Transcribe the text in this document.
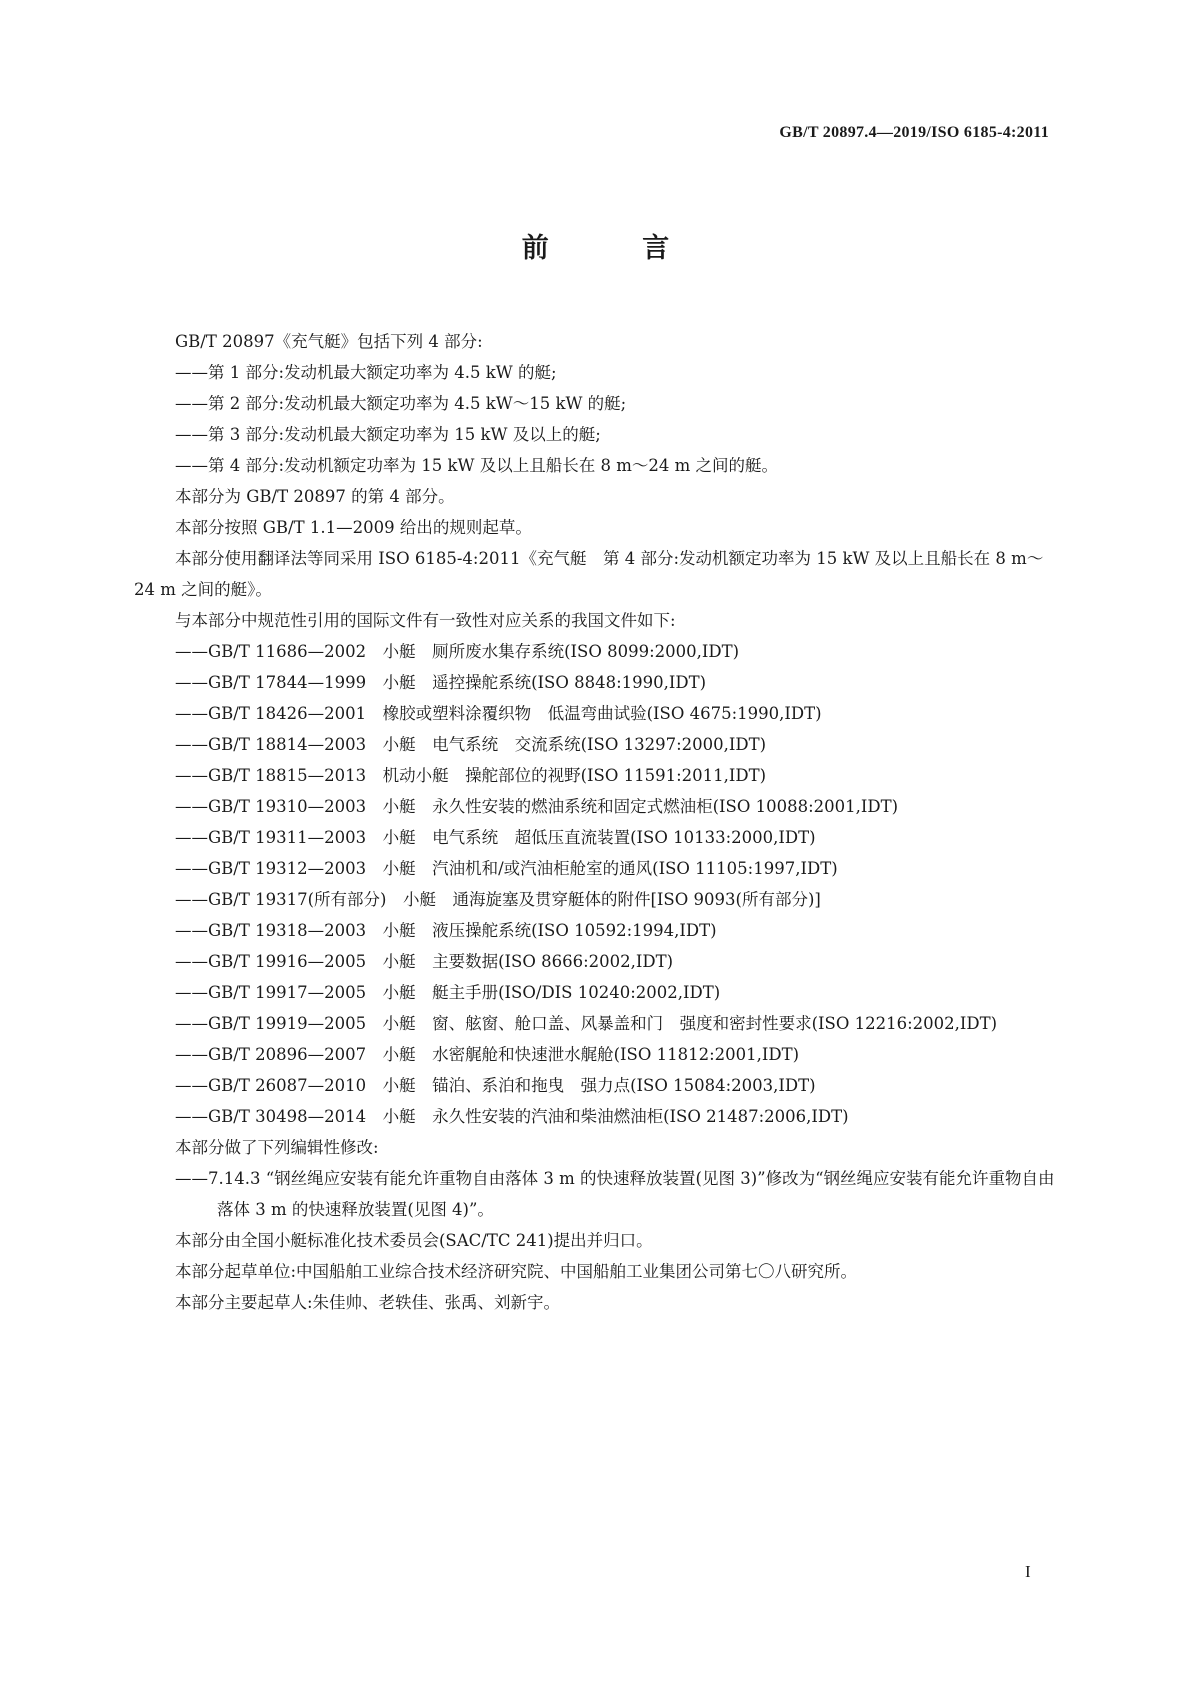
GB/T 20897.4—2019/ISO 6185-4:2011
前 言

GB/T 20897《充气艇》包括下列 4 部分:

——第 1 部分:发动机最大额定功率为 4.5 kW 的艇;

——第 2 部分:发动机最大额定功率为 4.5 kW～15 kW 的艇;

——第 3 部分:发动机最大额定功率为 15 kW 及以上的艇;

——第 4 部分:发动机额定功率为 15 kW 及以上且船长在 8 m～24 m 之间的艇。

本部分为 GB/T 20897 的第 4 部分。

本部分按照 GB/T 1.1—2009 给出的规则起草。

本部分使用翻译法等同采用 ISO 6185-4:2011《充气艇　第 4 部分:发动机额定功率为 15 kW 及以上且船长在 8 m～24 m 之间的艇》。

与本部分中规范性引用的国际文件有一致性对应关系的我国文件如下:

——GB/T 11686—2002　小艇　厕所废水集存系统(ISO 8099:2000,IDT)

——GB/T 17844—1999　小艇　遥控操舵系统(ISO 8848:1990,IDT)

——GB/T 18426—2001　橡胶或塑料涂覆织物　低温弯曲试验(ISO 4675:1990,IDT)

——GB/T 18814—2003　小艇　电气系统　交流系统(ISO 13297:2000,IDT)

——GB/T 18815—2013　机动小艇　操舵部位的视野(ISO 11591:2011,IDT)

——GB/T 19310—2003　小艇　永久性安装的燃油系统和固定式燃油柜(ISO 10088:2001,IDT)

——GB/T 19311—2003　小艇　电气系统　超低压直流装置(ISO 10133:2000,IDT)

——GB/T 19312—2003　小艇　汽油机和/或汽油柜舱室的通风(ISO 11105:1997,IDT)

——GB/T 19317(所有部分)　小艇　通海旋塞及贯穿艇体的附件[ISO 9093(所有部分)]

——GB/T 19318—2003　小艇　液压操舵系统(ISO 10592:1994,IDT)

——GB/T 19916—2005　小艇　主要数据(ISO 8666:2002,IDT)

——GB/T 19917—2005　小艇　艇主手册(ISO/DIS 10240:2002,IDT)

——GB/T 19919—2005　小艇　窗、舷窗、舱口盖、风暴盖和门　强度和密封性要求(ISO 12216:2002,IDT)

——GB/T 20896—2007　小艇　水密艉舱和快速泄水艉舱(ISO 11812:2001,IDT)

——GB/T 26087—2010　小艇　锚泊、系泊和拖曳　强力点(ISO 15084:2003,IDT)

——GB/T 30498—2014　小艇　永久性安装的汽油和柴油燃油柜(ISO 21487:2006,IDT)

本部分做了下列编辑性修改:

——7.14.3 “钢丝绳应安装有能允许重物自由落体 3 m 的快速释放装置(见图 3)”修改为“钢丝绳应安装有能允许重物自由落体 3 m 的快速释放装置(见图 4)”。

本部分由全国小艇标准化技术委员会(SAC/TC 241)提出并归口。

本部分起草单位:中国船舶工业综合技术经济研究院、中国船舶工业集团公司第七〇八研究所。

本部分主要起草人:朱佳帅、老轶佳、张禹、刘新宇。

I
